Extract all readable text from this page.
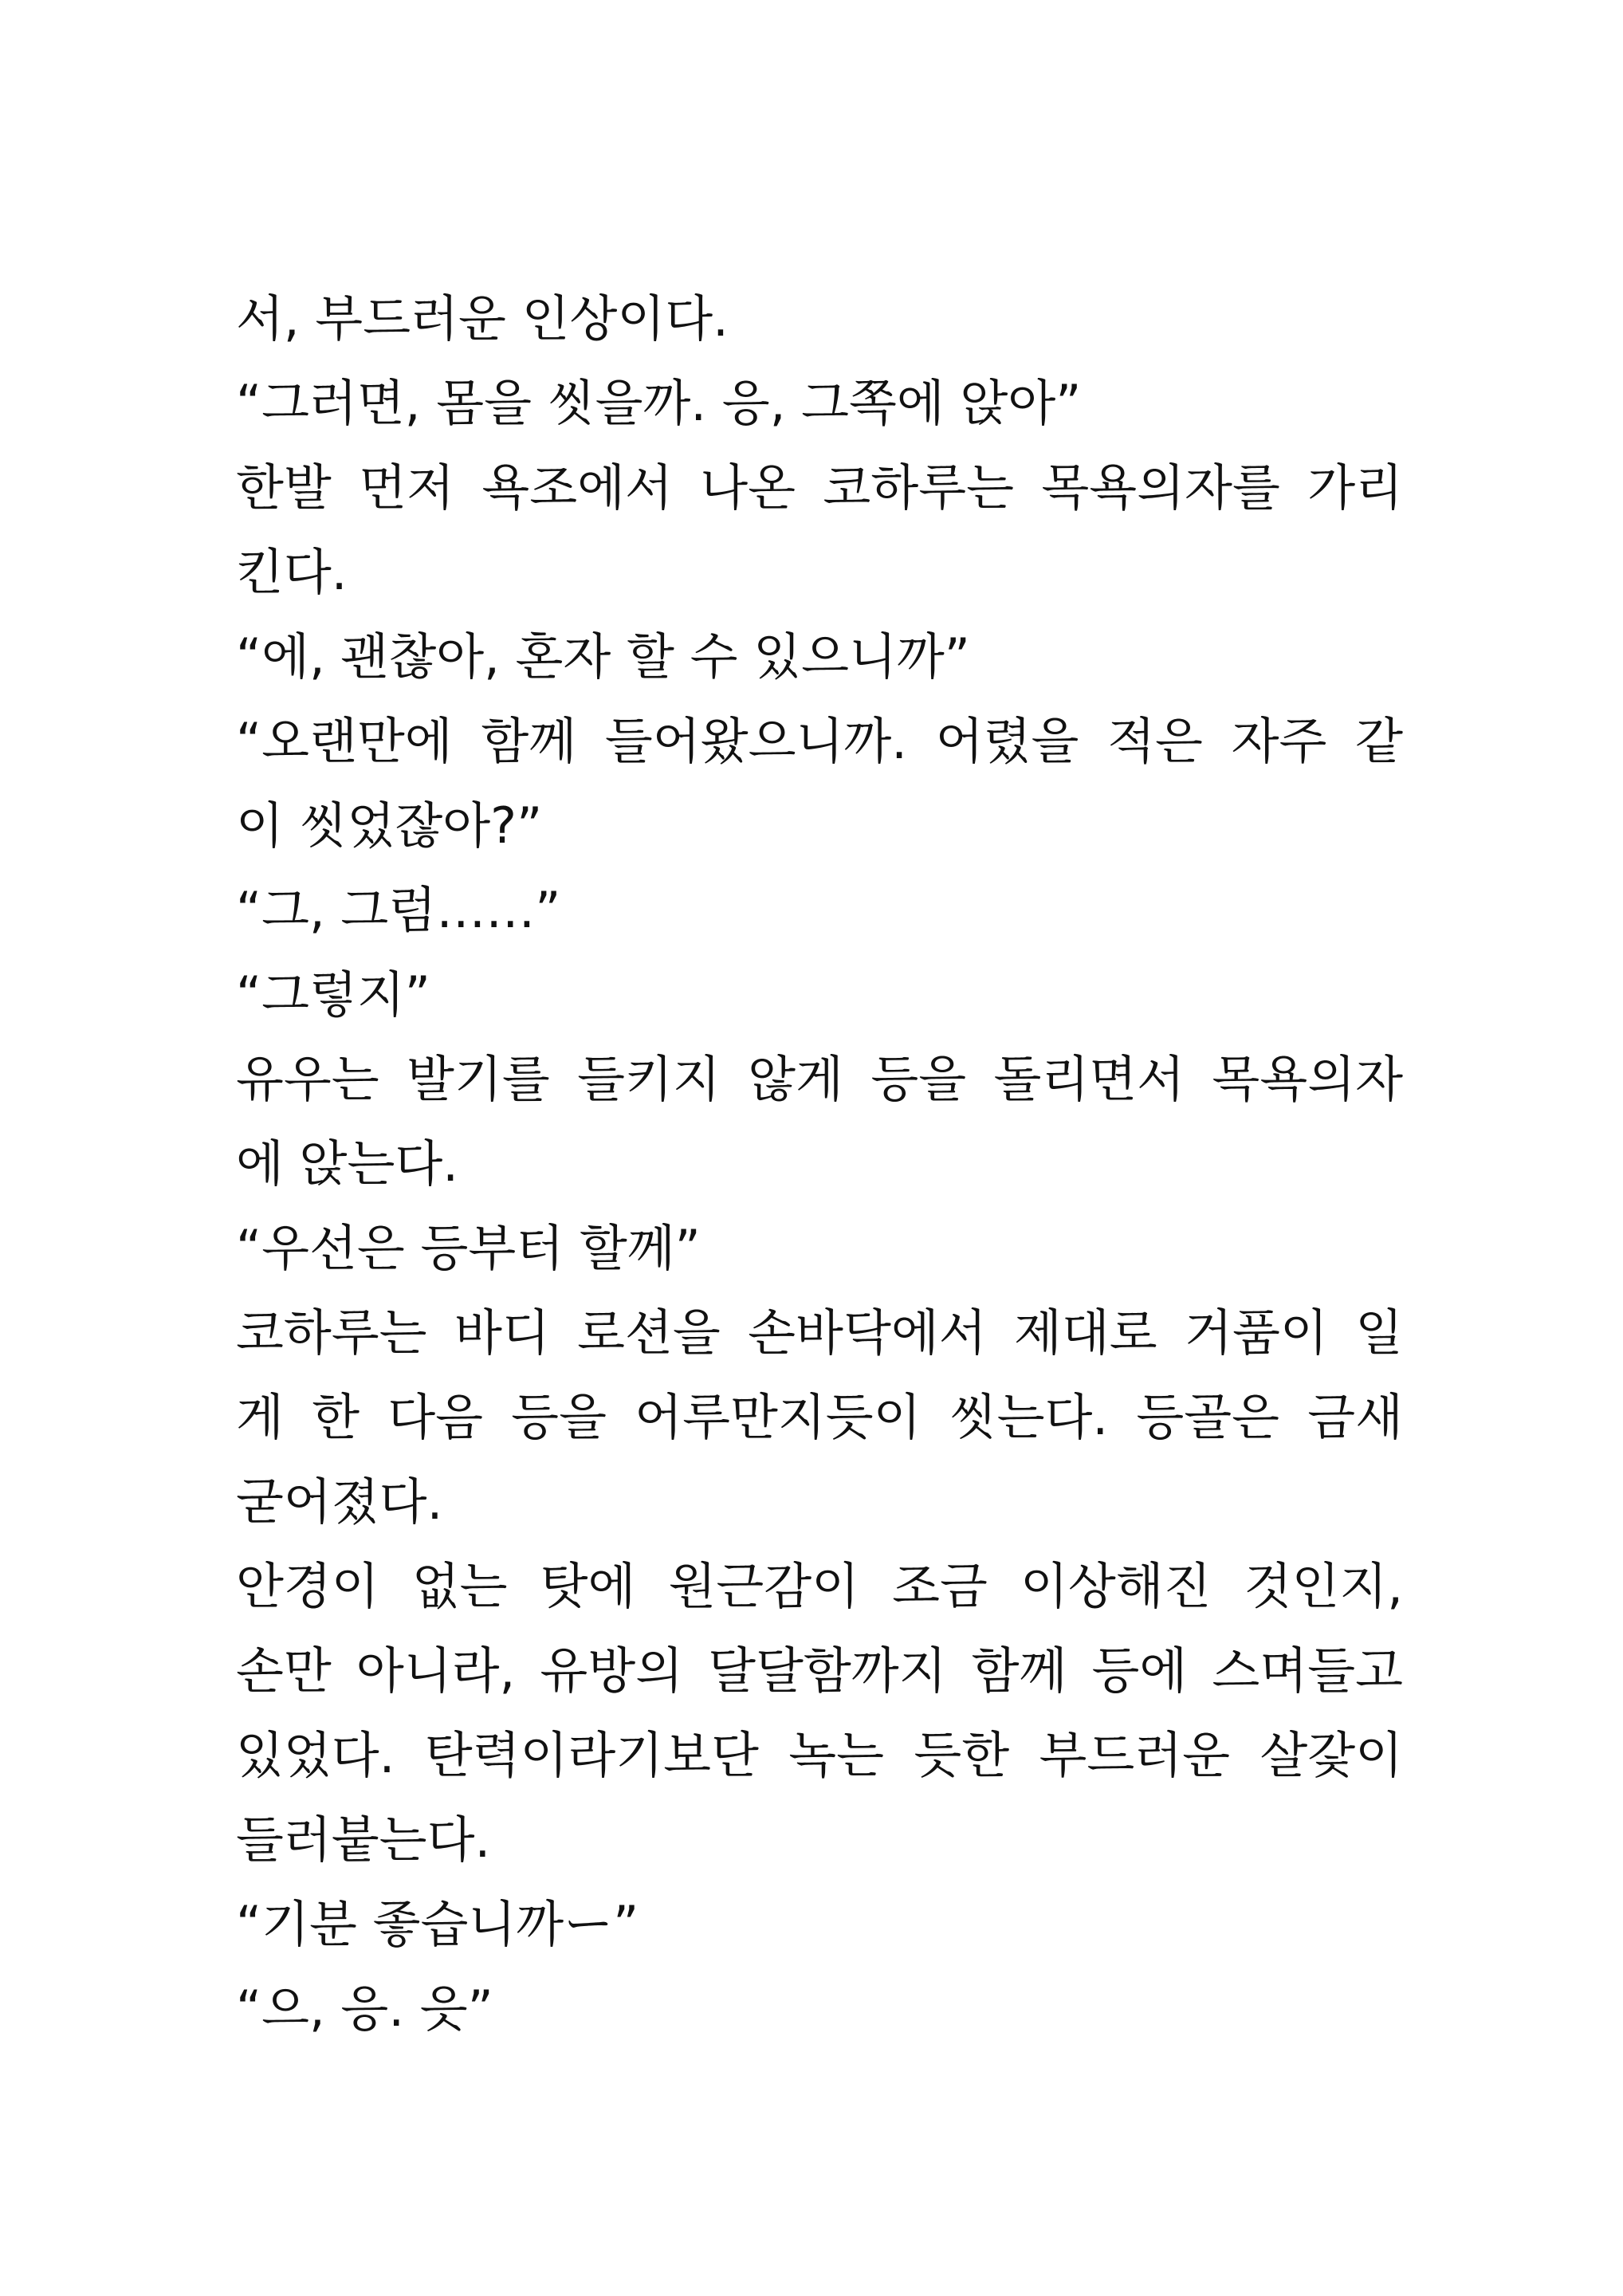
서, 부드러운 인상이다.
“그러면, 몸을 씻을까. 응, 그쪽에 앉아”
한발 먼저 욕조에서 나온 코하루는 목욕의자를 가리
킨다.
“에, 괜찮아, 혼자 할 수 있으니까”
“오랜만에 함께 들어왔으니까. 어렸을 적은 자주 같
이 씻었잖아?”
“그, 그럼……”
“그렇지”
유우는 발기를 들키지 않게 등을 돌리면서 목욕의자
에 앉는다.
“우선은 등부터 할께”
코하루는 바디 로션을 손바닥에서 제대로 거품이 일
게 한 다음 등을 어루만지듯이 씻는다. 등골은 금새
굳어졌다.
안경이 없는 탓에 원근감이 조금 이상해진 것인지,
손만 아니라, 유방의 달달함까지 함께 등에 스며들고
있었다. 탄력이라기보단 녹는 듯한 부드러운 살갗이
들러붙는다.
“기분 좋습니까ー”
“으, 응. 읏”
